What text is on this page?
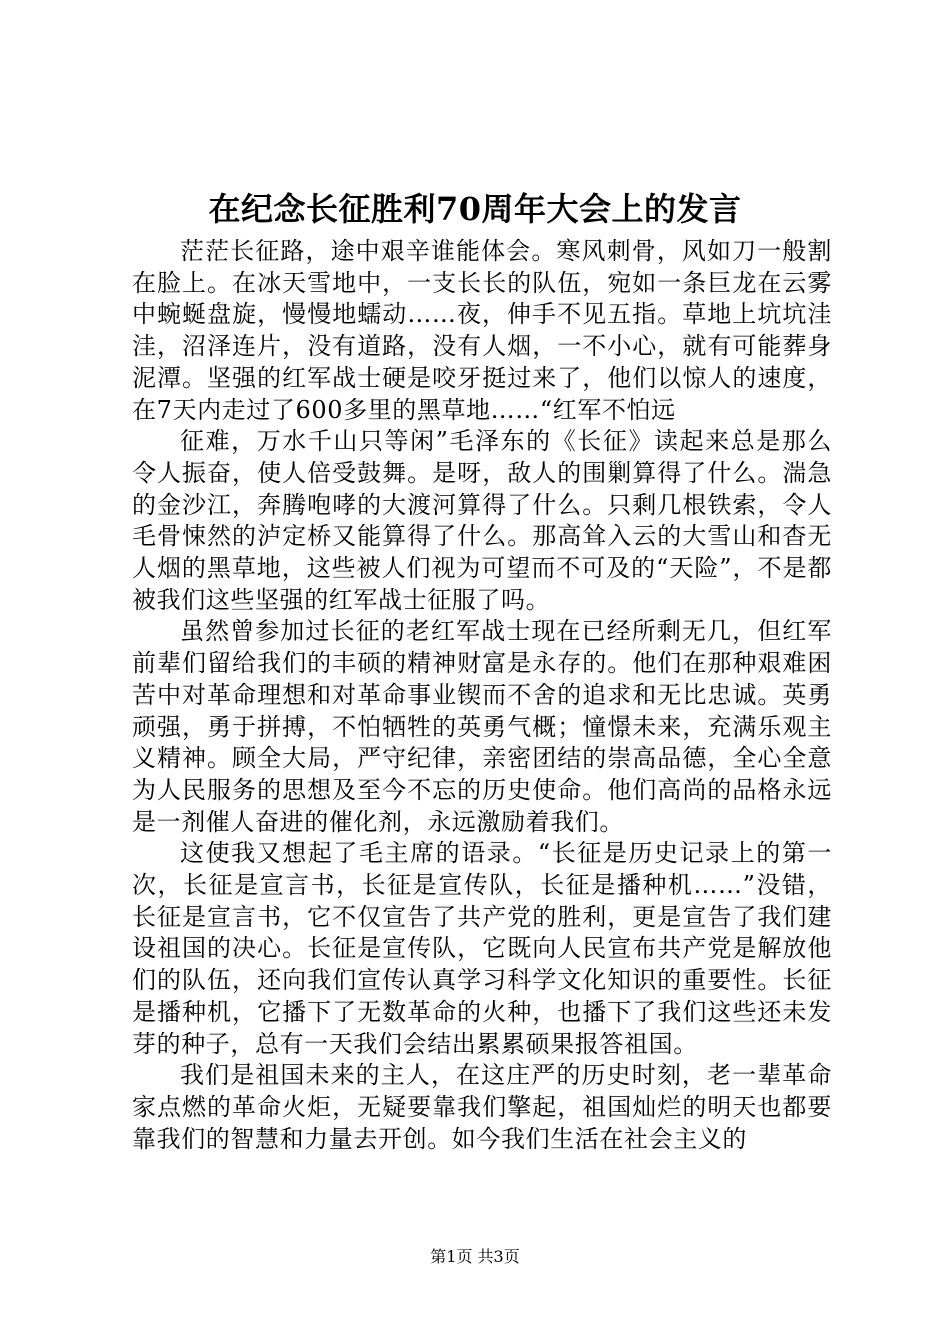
在纪念长征胜利70周年大会上的发言

茫茫长征路，途中艰辛谁能体会。寒风刺骨，风如刀一般割在脸上。在冰天雪地中，一支长长的队伍，宛如一条巨龙在云雾中蜿蜒盘旋，慢慢地蠕动……夜，伸手不见五指。草地上坑坑洼洼，沼泽连片，没有道路，没有人烟，一不小心，就有可能葬身泥潭。坚强的红军战士硬是咬牙挺过来了，他们以惊人的速度，在7天内走过了600多里的黑草地……“红军不怕远

征难，万水千山只等闲”毛泽东的《长征》读起来总是那么令人振奋，使人倍受鼓舞。是呀，敌人的围剿算得了什么。湍急的金沙江，奔腾咆哮的大渡河算得了什么。只剩几根铁索，令人毛骨悚然的泸定桥又能算得了什么。那高耸入云的大雪山和杳无人烟的黑草地，这些被人们视为可望而不可及的“天险”，不是都被我们这些坚强的红军战士征服了吗。

虽然曾参加过长征的老红军战士现在已经所剩无几，但红军前辈们留给我们的丰硕的精神财富是永存的。他们在那种艰难困苦中对革命理想和对革命事业锲而不舍的追求和无比忠诚。英勇顽强，勇于拼搏，不怕牺牲的英勇气概；憧憬未来，充满乐观主义精神。顾全大局，严守纪律，亲密团结的崇高品德，全心全意为人民服务的思想及至今不忘的历史使命。他们高尚的品格永远是一剂催人奋进的催化剂，永远激励着我们。

这使我又想起了毛主席的语录。“长征是历史记录上的第一次，长征是宣言书，长征是宣传队，长征是播种机……”没错，长征是宣言书，它不仅宣告了共产党的胜利，更是宣告了我们建设祖国的决心。长征是宣传队，它既向人民宣布共产党是解放他们的队伍，还向我们宣传认真学习科学文化知识的重要性。长征是播种机，它播下了无数革命的火种，也播下了我们这些还未发芽的种子，总有一天我们会结出累累硕果报答祖国。

我们是祖国未来的主人，在这庄严的历史时刻，老一辈革命家点燃的革命火炬，无疑要靠我们擎起，祖国灿烂的明天也都要靠我们的智慧和力量去开创。如今我们生活在社会主义的

第1页 共3页
